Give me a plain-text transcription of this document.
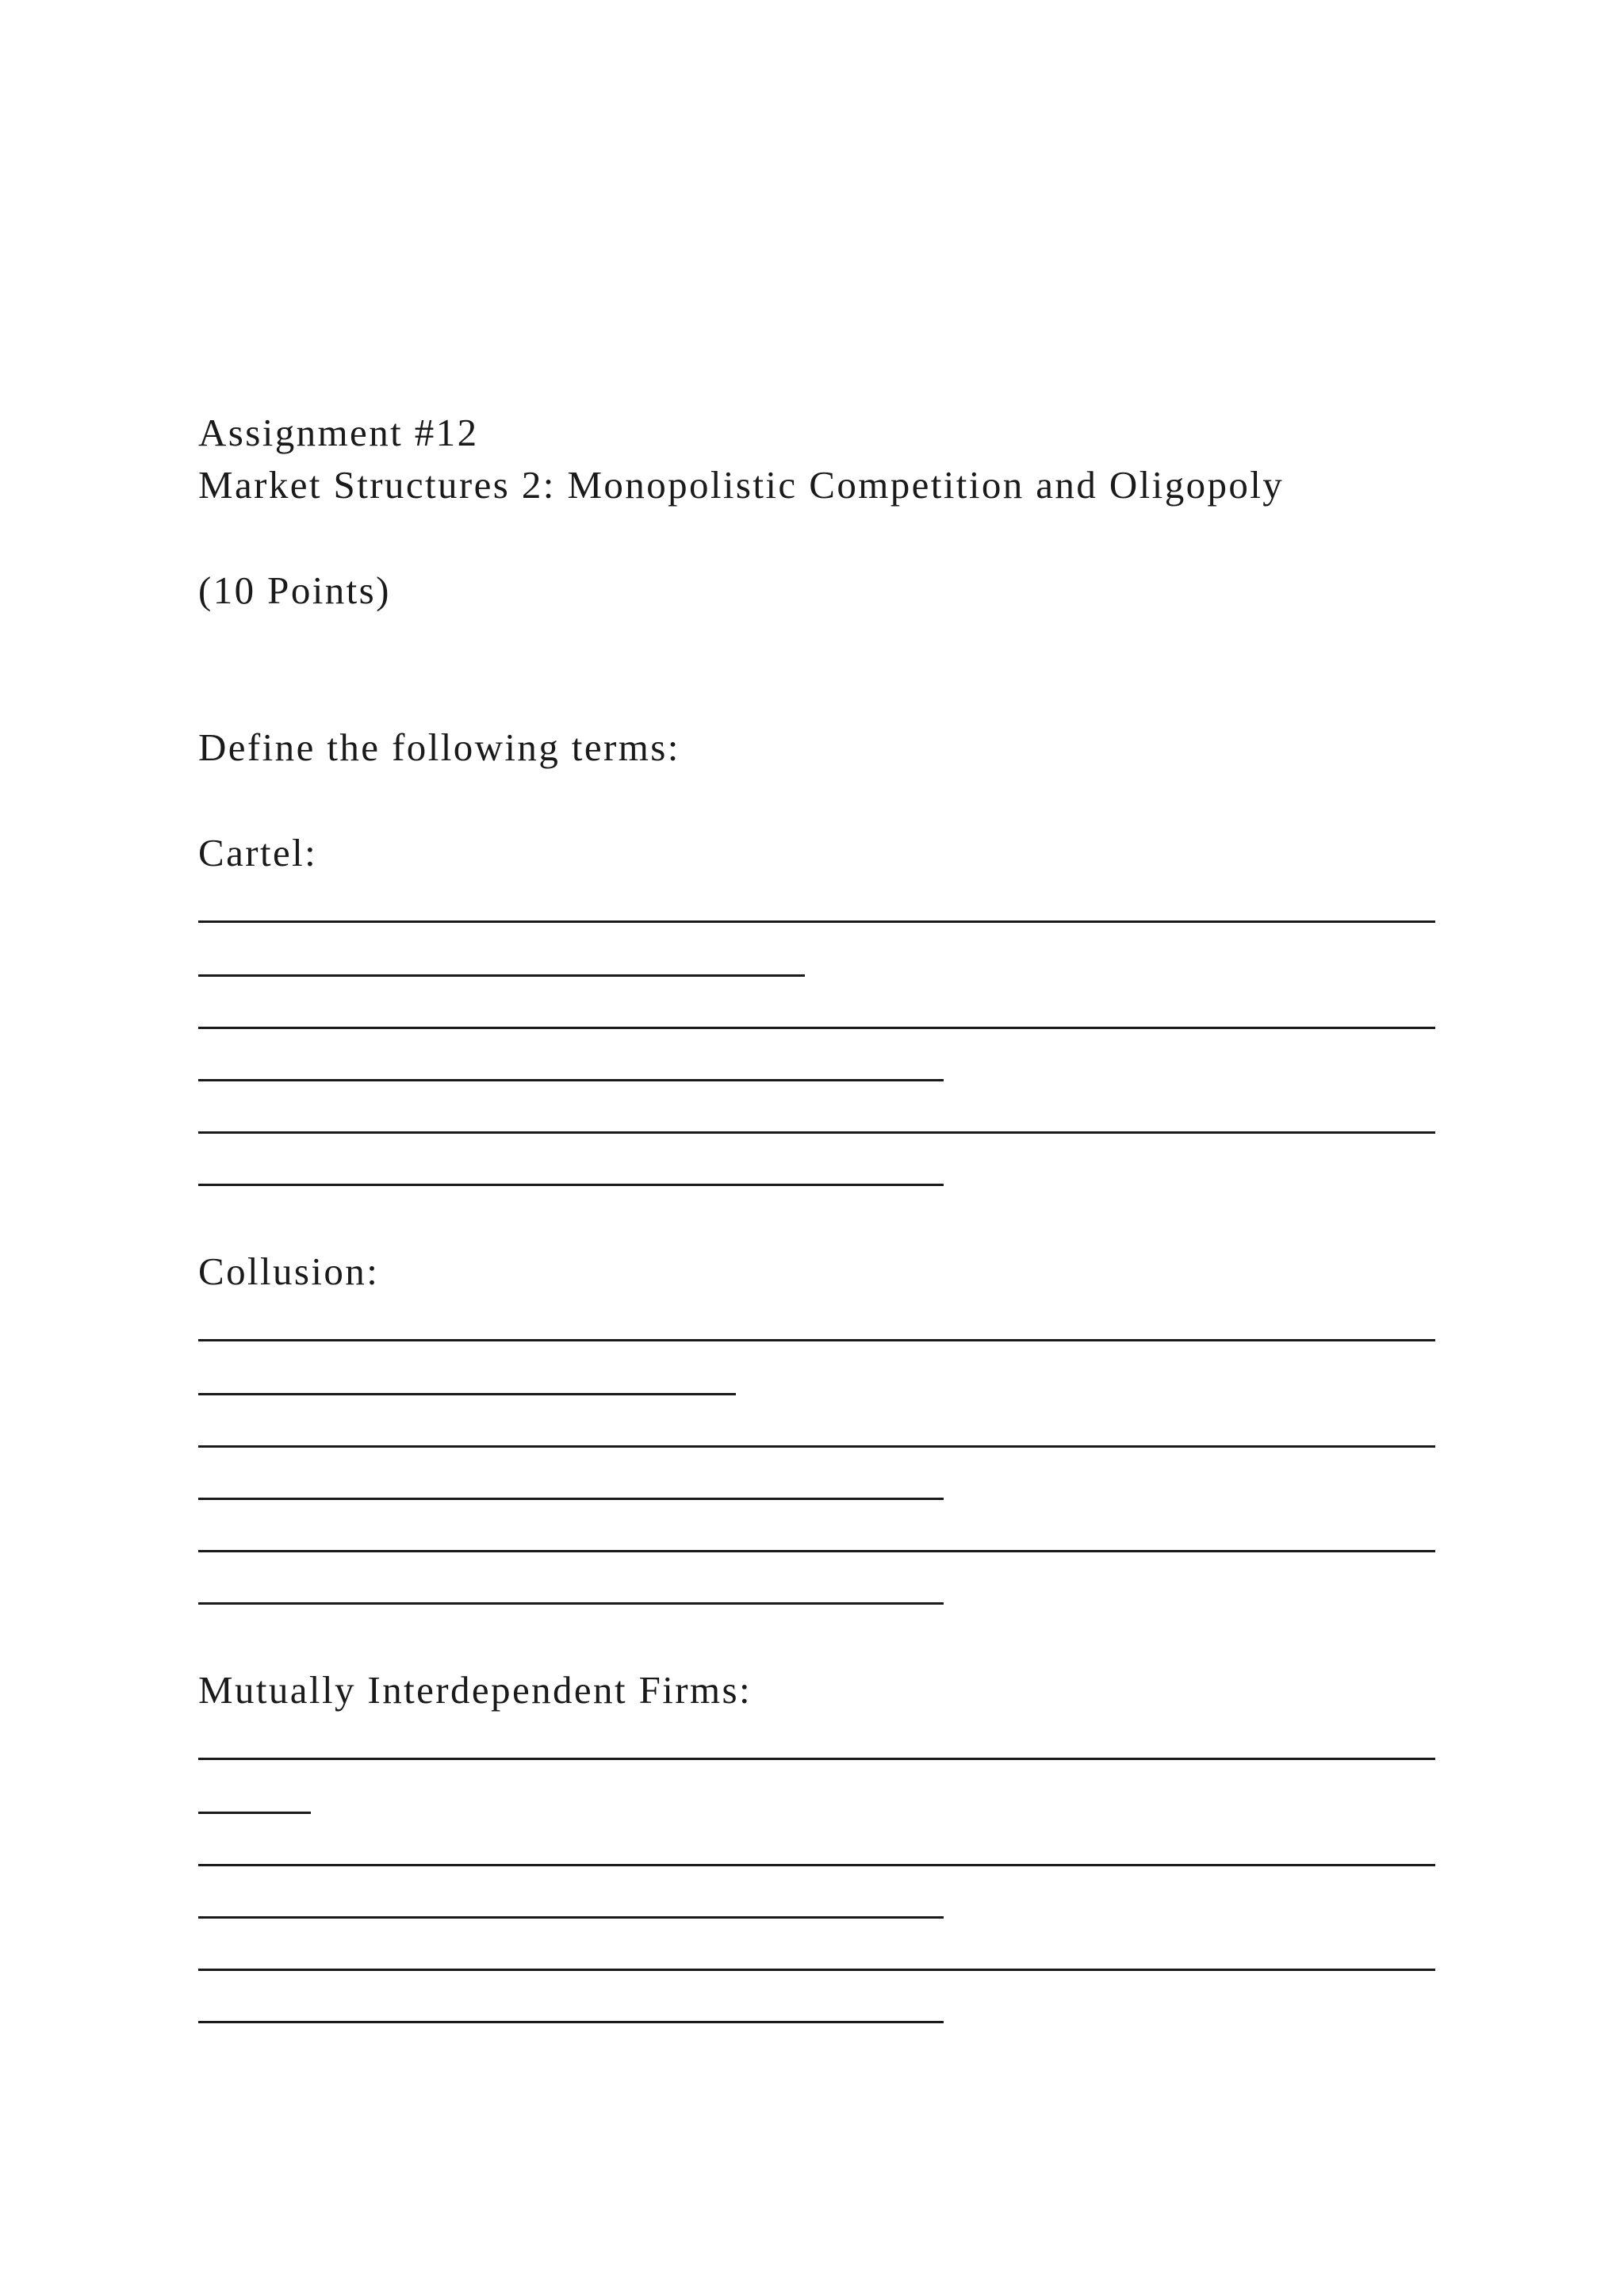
Assignment #12
Market Structures 2: Monopolistic Competition and Oligopoly
(10 Points)
Define the following terms:
Cartel:
Collusion:
Mutually Interdependent Firms:
